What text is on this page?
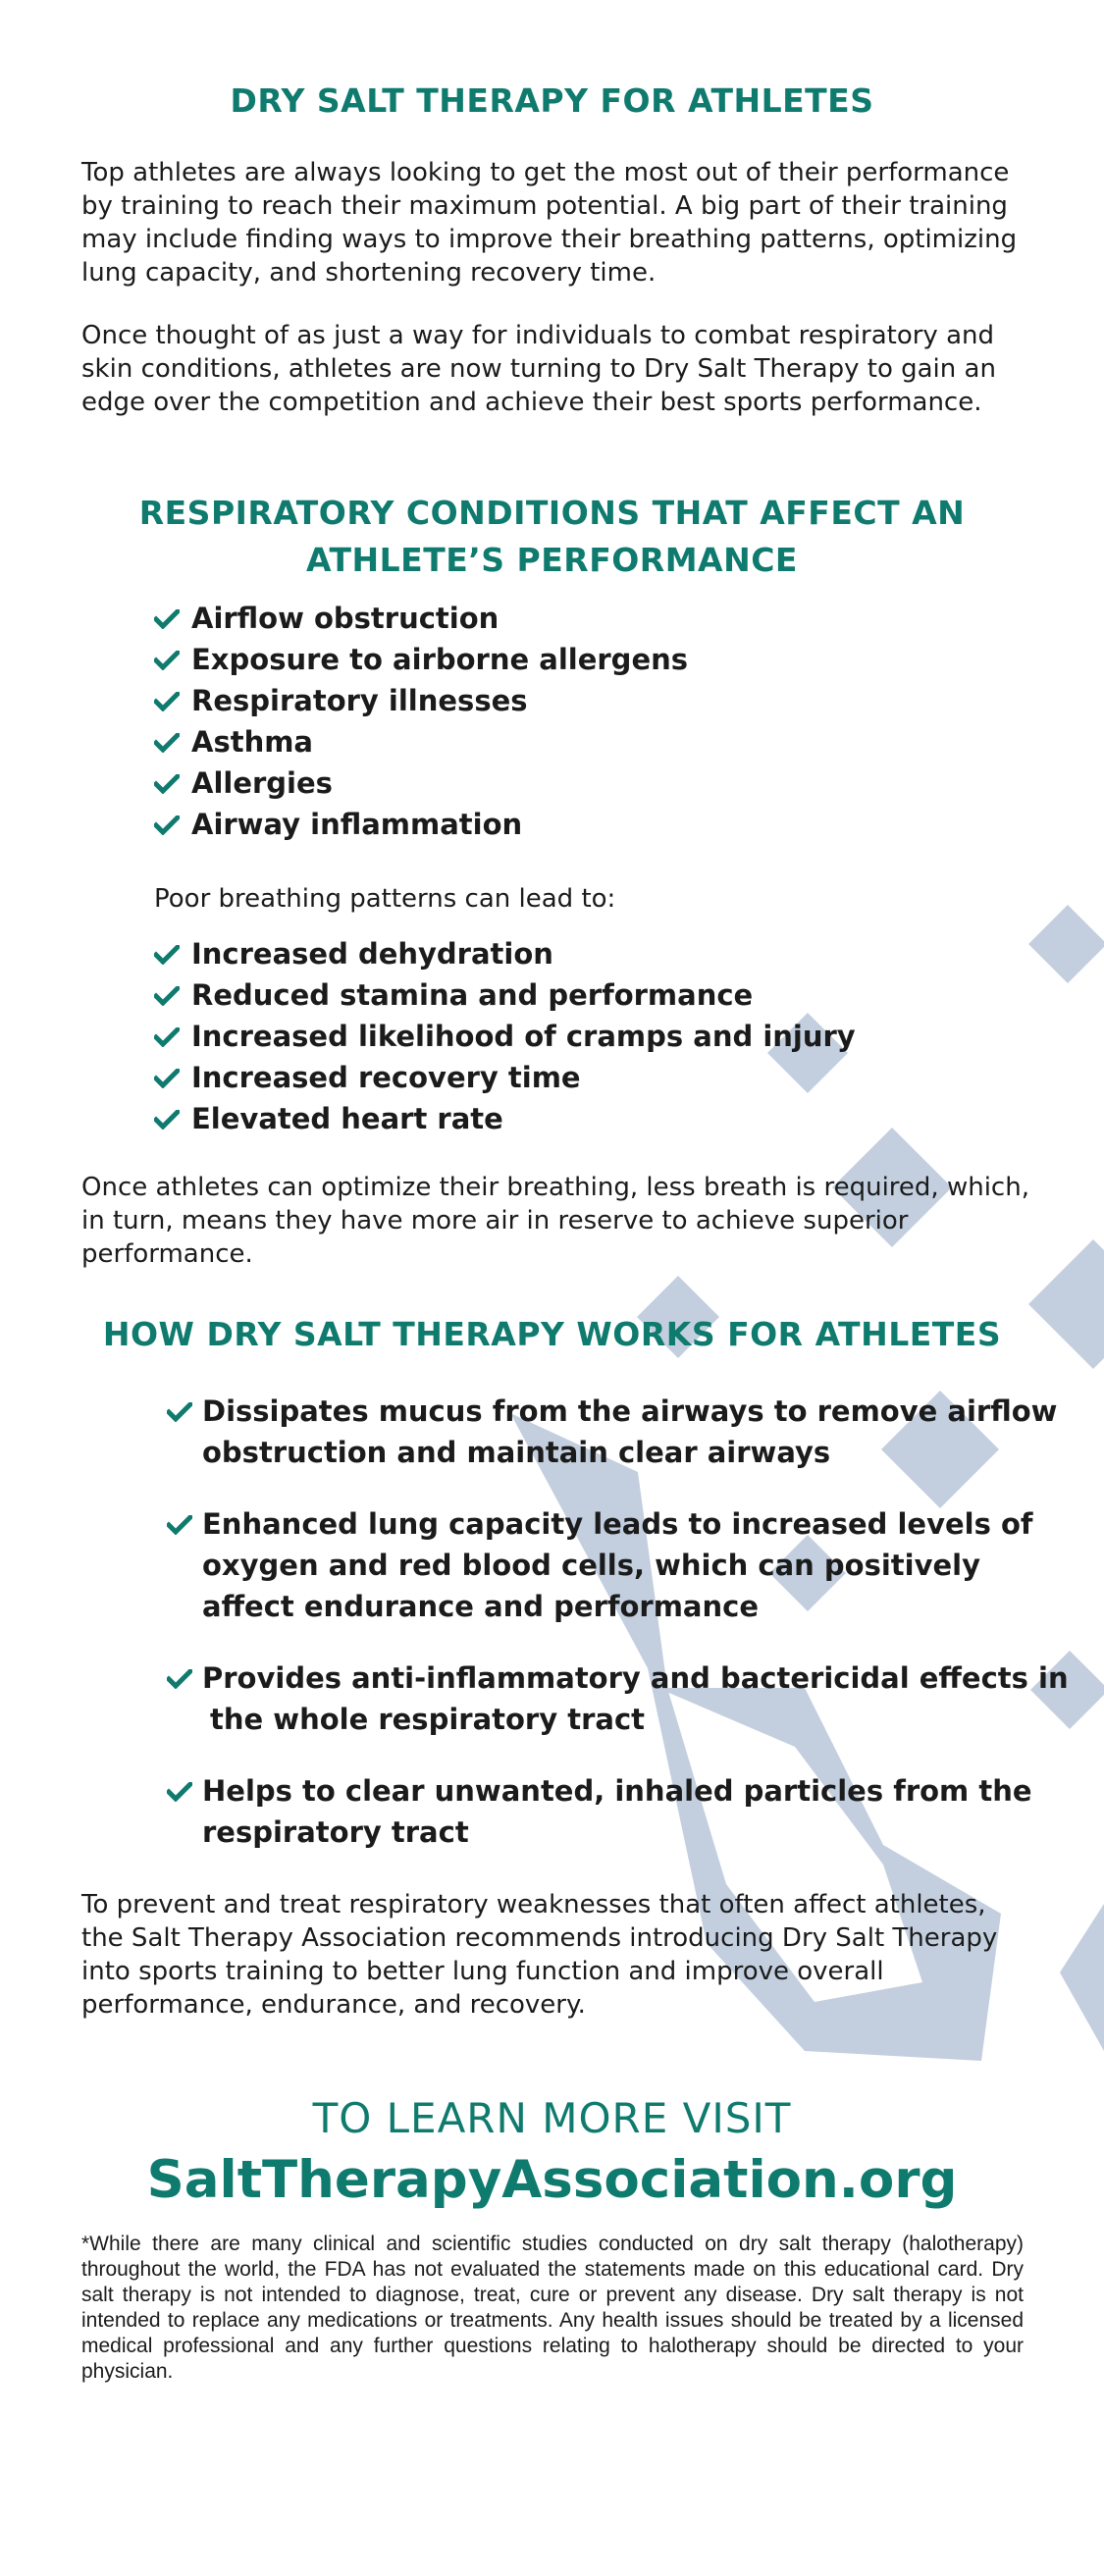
DRY SALT THERAPY FOR ATHLETES

Top athletes are always looking to get the most out of their performance by training to reach their maximum potential. A big part of their training may include finding ways to improve their breathing patterns, optimizing lung capacity, and shortening recovery time.

Once thought of as just a way for individuals to combat respiratory and skin conditions, athletes are now turning to Dry Salt Therapy to gain an edge over the competition and achieve their best sports performance.

RESPIRATORY CONDITIONS THAT AFFECT AN
ATHLETE’S PERFORMANCE
Airflow obstruction
Exposure to airborne allergens
Respiratory illnesses
Asthma
Allergies
Airway inflammation

Poor breathing patterns can lead to:

Increased dehydration
Reduced stamina and performance
Increased likelihood of cramps and injury
Increased recovery time
Elevated heart rate

Once athletes can optimize their breathing, less breath is required, which, in turn, means they have more air in reserve to achieve superior performance.

HOW DRY SALT THERAPY WORKS FOR ATHLETES
Dissipates mucus from the airways to remove airflow
obstruction and maintain clear airways
Enhanced lung capacity leads to increased levels of
oxygen and red blood cells, which can positively
affect endurance and performance
Provides anti-inflammatory and bactericidal effects in
the whole respiratory tract
Helps to clear unwanted, inhaled particles from the
respiratory tract

To prevent and treat respiratory weaknesses that often affect athletes, the Salt Therapy Association recommends introducing Dry Salt Therapy into sports training to better lung function and improve overall performance, endurance, and recovery.

TO LEARN MORE VISIT

SaltTherapyAssociation.org

*While there are many clinical and scientific studies conducted on dry salt therapy (halotherapy) throughout the world, the FDA has not evaluated the statements made on this educational card. Dry salt therapy is not intended to diagnose, treat, cure or prevent any disease. Dry salt therapy is not intended to replace any medications or treatments. Any health issues should be treated by a licensed medical professional and any further questions relating to halotherapy should be directed to your physician.
